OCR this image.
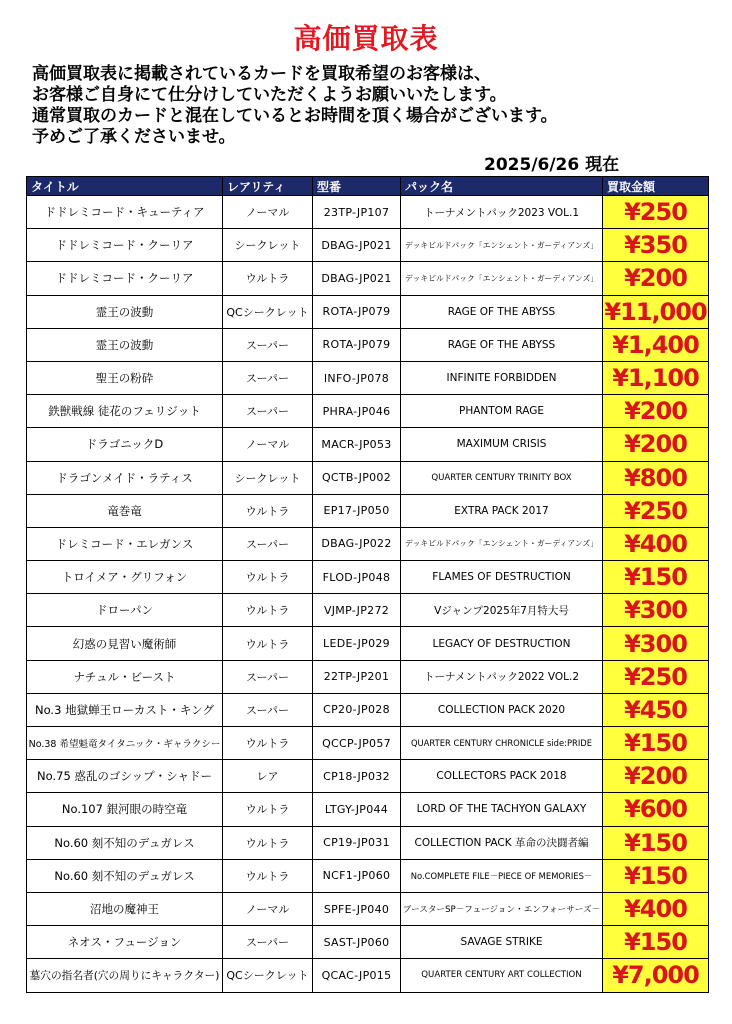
高価買取表
高価買取表に掲載されているカードを買取希望のお客様は、
お客様ご自身にて仕分けしていただくようお願いいたします。
通常買取のカードと混在しているとお時間を頂く場合がございます。
予めご了承くださいませ。
2025/6/26 現在
タイトル	レアリティ	型番	パック名	買取金額
ドドレミコード・キューティア	ノーマル	23TP-JP107	トーナメントパック2023 VOL.1	¥250
ドドレミコード・クーリア	シークレット	DBAG-JP021	デッキビルドパック「エンシェント・ガーディアンズ」	¥350
ドドレミコード・クーリア	ウルトラ	DBAG-JP021	デッキビルドパック「エンシェント・ガーディアンズ」	¥200
霊王の波動	QCシークレット	ROTA-JP079	RAGE OF THE ABYSS	¥11,000
霊王の波動	スーパー	ROTA-JP079	RAGE OF THE ABYSS	¥1,400
聖王の粉砕	スーパー	INFO-JP078	INFINITE FORBIDDEN	¥1,100
鉄獣戦線 徒花のフェリジット	スーパー	PHRA-JP046	PHANTOM RAGE	¥200
ドラゴニックD	ノーマル	MACR-JP053	MAXIMUM CRISIS	¥200
ドラゴンメイド・ラティス	シークレット	QCTB-JP002	QUARTER CENTURY TRINITY BOX	¥800
竜巻竜	ウルトラ	EP17-JP050	EXTRA PACK 2017	¥250
ドレミコード・エレガンス	スーパー	DBAG-JP022	デッキビルドパック「エンシェント・ガーディアンズ」	¥400
トロイメア・グリフォン	ウルトラ	FLOD-JP048	FLAMES OF DESTRUCTION	¥150
ドローパン	ウルトラ	VJMP-JP272	Vジャンプ2025年7月特大号	¥300
幻惑の見習い魔術師	ウルトラ	LEDE-JP029	LEGACY OF DESTRUCTION	¥300
ナチュル・ビースト	スーパー	22TP-JP201	トーナメントパック2022 VOL.2	¥250
No.3 地獄蝉王ローカスト・キング	スーパー	CP20-JP028	COLLECTION PACK 2020	¥450
No.38 希望魁竜タイタニック・ギャラクシー	ウルトラ	QCCP-JP057	QUARTER CENTURY CHRONICLE side:PRIDE	¥150
No.75 惑乱のゴシップ・シャドー	レア	CP18-JP032	COLLECTORS PACK 2018	¥200
No.107 銀河眼の時空竜	ウルトラ	LTGY-JP044	LORD OF THE TACHYON GALAXY	¥600
No.60 刻不知のデュガレス	ウルトラ	CP19-JP031	COLLECTION PACK 革命の決闘者編	¥150
No.60 刻不知のデュガレス	ウルトラ	NCF1-JP060	No.COMPLETE FILE－PIECE OF MEMORIES－	¥150
沼地の魔神王	ノーマル	SPFE-JP040	ブースターSP－フュージョン・エンフォーサーズ－	¥400
ネオス・フュージョン	スーパー	SAST-JP060	SAVAGE STRIKE	¥150
墓穴の指名者(穴の周りにキャラクター)	QCシークレット	QCAC-JP015	QUARTER CENTURY ART COLLECTION	¥7,000
